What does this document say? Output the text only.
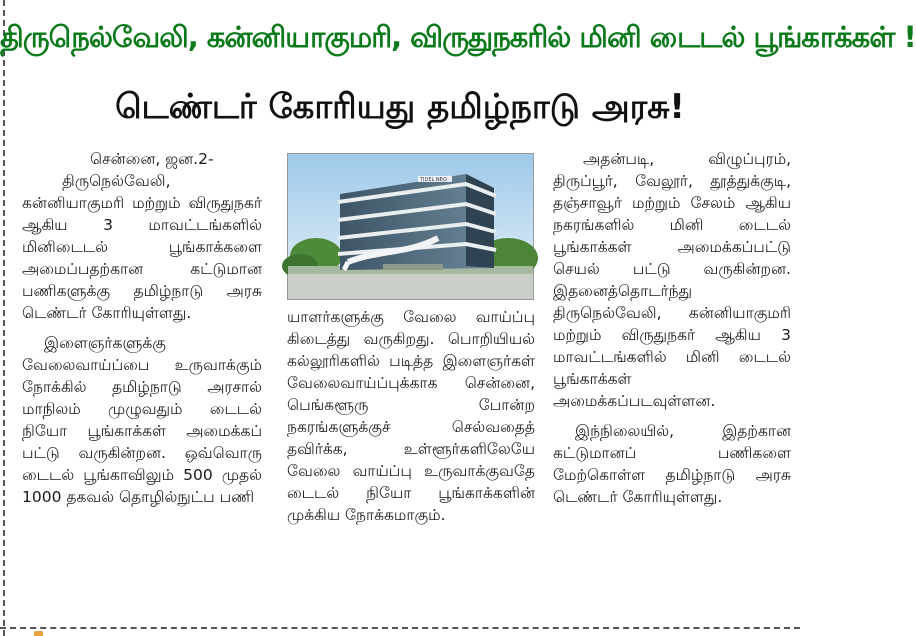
திருநெல்வேலி, கன்னியாகுமரி, விருதுநகரில் மினி டைடல் பூங்காக்கள் !
டெண்டர் கோரியது தமிழ்நாடு அரசு!

சென்னை, ஜன.2-

திருநெல்வேலி, கன்னியாகுமரி மற்றும் விருதுநகர் ஆகிய 3 மாவட்டங்களில் மினிடைடல் பூங்காக்களை அமைப்பதற்கான கட்டுமான பணிகளுக்கு தமிழ்நாடு அரசு டெண்டர் கோரியுள்ளது.

இளைஞர்களுக்கு வேலைவாய்ப்பை உருவாக்கும் நோக்கில் தமிழ்நாடு அரசால் மாநிலம் முழுவதும் டைடல் நியோ பூங்காக்கள் அமைக்கப் பட்டு வருகின்றன. ஒவ்வொரு டைடல் பூங்காவிலும் 500 முதல் 1000 தகவல் தொழில்நுட்ப பணி

TIDEL NEO

யாளர்களுக்கு வேலை வாய்ப்பு கிடைத்து வருகிறது. பொறியியல் கல்லூரிகளில் படித்த இளைஞர்கள் வேலைவாய்ப்புக்காக சென்னை, பெங்களூரு போன்ற நகரங்களுக்குச் செல்வதைத் தவிர்க்க, உள்ளூர்களிலேயே வேலை வாய்ப்பு உருவாக்குவதே டைடல் நியோ பூங்காக்களின் முக்கிய நோக்கமாகும்.

அதன்படி, விழுப்புரம், திருப்பூர், வேலூர், தூத்துக்குடி, தஞ்சாவூர் மற்றும் சேலம் ஆகிய நகரங்களில் மினி டைடல் பூங்காக்கள் அமைக்கப்பட்டு செயல் பட்டு வருகின்றன. இதனைத்தொடர்ந்து திருநெல்வேலி, கன்னியாகுமரி மற்றும் விருதுநகர் ஆகிய 3 மாவட்டங்களில் மினி டைடல் பூங்காக்கள் அமைக்கப்படவுள்ளன.

இந்நிலையில், இதற்கான கட்டுமானப் பணிகளை மேற்கொள்ள தமிழ்நாடு அரசு டெண்டர் கோரியுள்ளது.
